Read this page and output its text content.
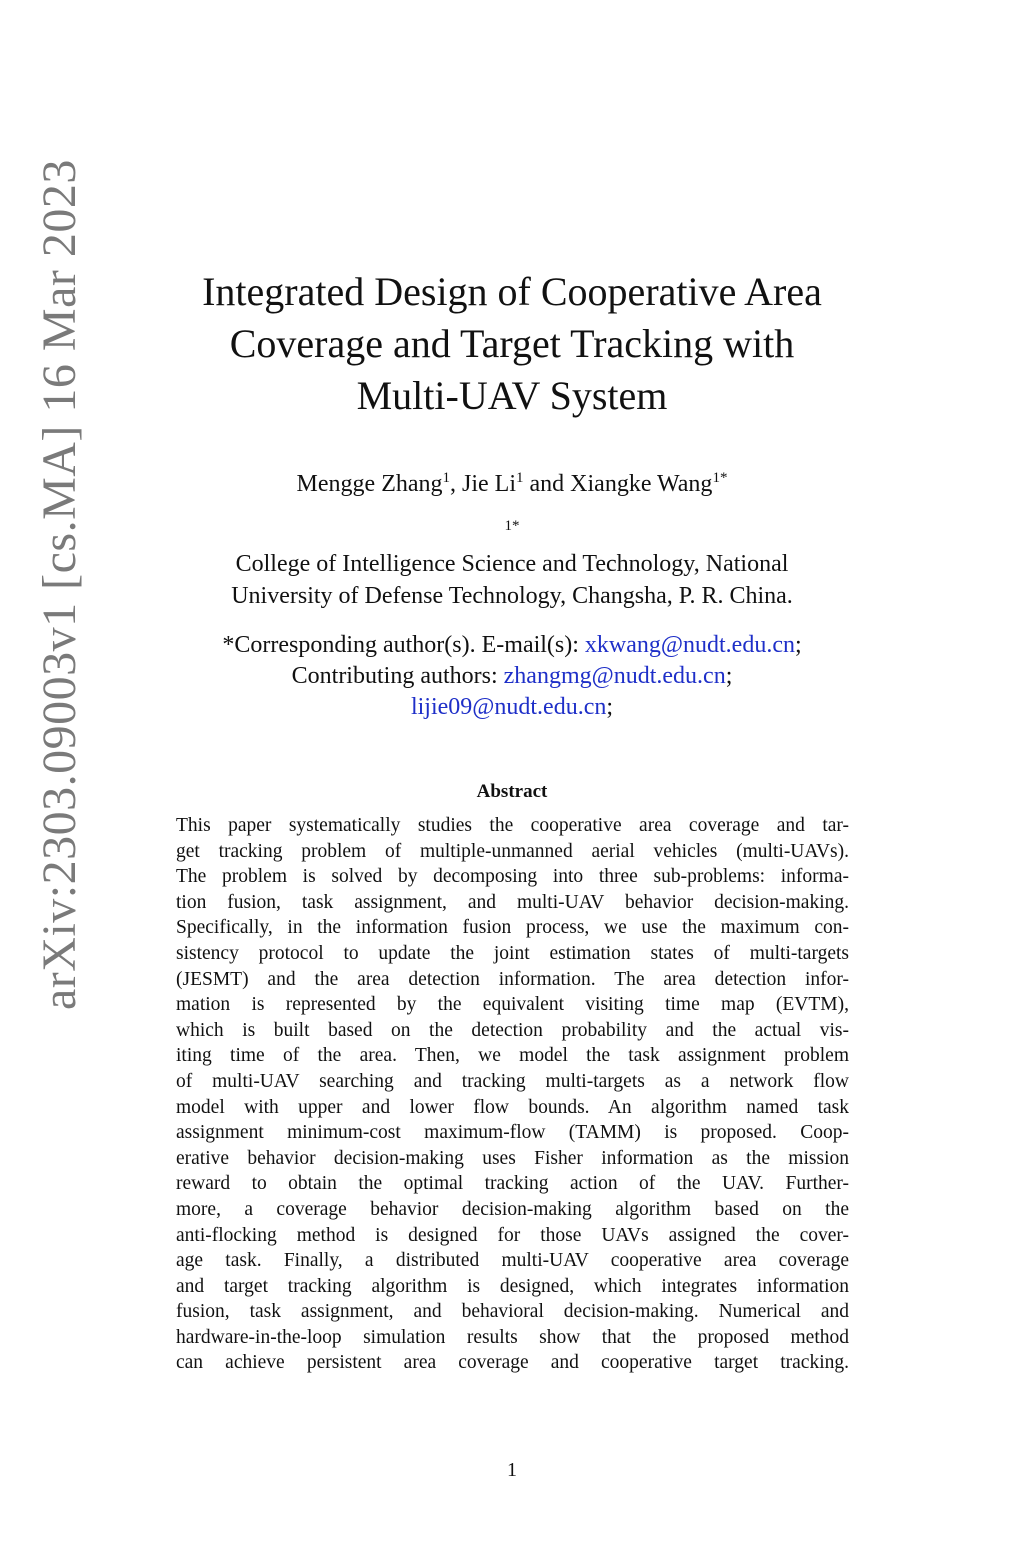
arXiv:2303.09003v1 [cs.MA] 16 Mar 2023	Integrated Design of Cooperative Area
Coverage and Target Tracking with
Multi-UAV System
Mengge Zhang$^1$, Jie Li$^1$ and Xiangke Wang$^{1*}$
$^{1*}$
College of Intelligence Science and Technology, National
University of Defense Technology, Changsha, P. R. China.
*Corresponding author(s). E-mail(s): xkwang@nudt.edu.cn;
Contributing authors: zhangmg@nudt.edu.cn;
lijie09@nudt.edu.cn;
Abstract
This paper systematically studies the cooperative area coverage and tar-
get tracking problem of multiple-unmanned aerial vehicles (multi-UAVs).
The problem is solved by decomposing into three sub-problems: informa-
tion fusion, task assignment, and multi-UAV behavior decision-making.
Specifically, in the information fusion process, we use the maximum con-
sistency protocol to update the joint estimation states of multi-targets
(JESMT) and the area detection information. The area detection infor-
mation is represented by the equivalent visiting time map (EVTM),
which is built based on the detection probability and the actual vis-
iting time of the area. Then, we model the task assignment problem
of multi-UAV searching and tracking multi-targets as a network flow
model with upper and lower flow bounds. An algorithm named task
assignment minimum-cost maximum-flow (TAMM) is proposed. Coop-
erative behavior decision-making uses Fisher information as the mission
reward to obtain the optimal tracking action of the UAV. Further-
more, a coverage behavior decision-making algorithm based on the
anti-flocking method is designed for those UAVs assigned the cover-
age task. Finally, a distributed multi-UAV cooperative area coverage
and target tracking algorithm is designed, which integrates information
fusion, task assignment, and behavioral decision-making. Numerical and
hardware-in-the-loop simulation results show that the proposed method
can achieve persistent area coverage and cooperative target tracking.
1
